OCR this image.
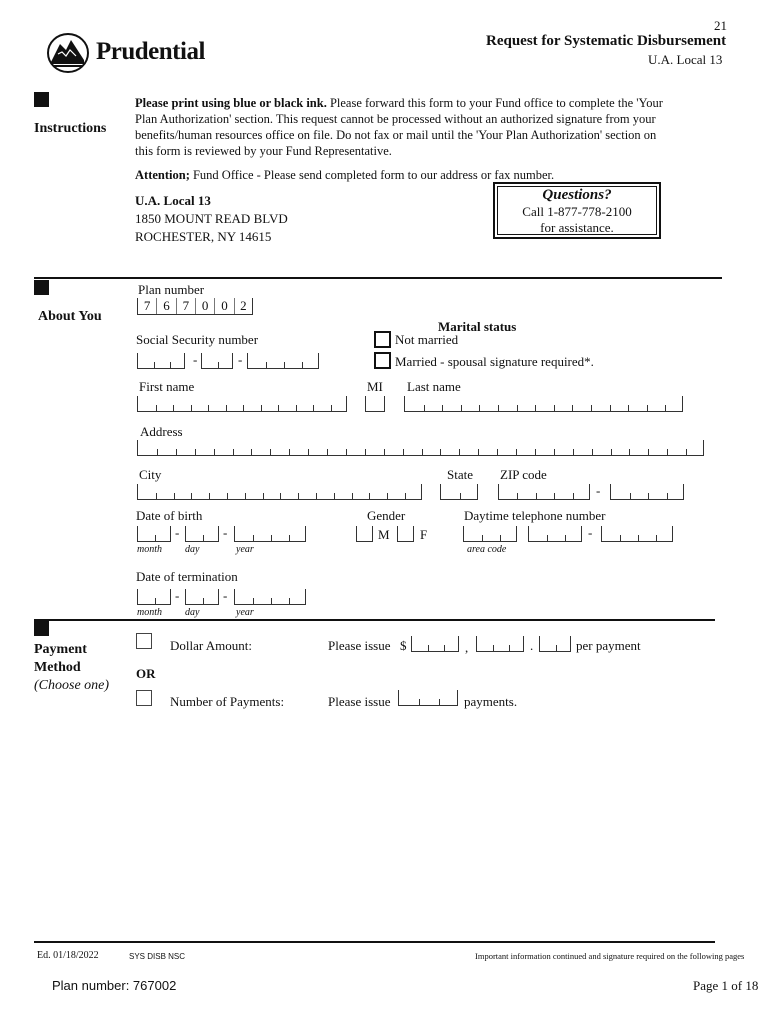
21
Request for Systematic Disbursement
U.A. Local 13
Prudential
Instructions
Please print using blue or black ink. Please forward this form to your Fund office to complete the 'Your
Plan Authorization' section. This request cannot be processed without an authorized signature from your
benefits/human resources office on file. Do not fax or mail until the 'Your Plan Authorization' section on
this form is reviewed by your Fund Representative.
Attention; Fund Office - Please send completed form to our address or fax number.
U.A. Local 13
1850 MOUNT READ BLVD
ROCHESTER, NY 14615
Questions?
Call 1-877-778-2100
for assistance.
About You
Plan number
7 6 7 0 0 2
Social Security number
Marital status
Not married
Married - spousal signature required*.
-	-
First name	MI Last name
Address
City	State ZIP code
-
Date of birth	Gender	Daytime telephone number
-	-
month day	year
M F	-
area code
Date of termination
-	-
month day	year
Payment
Method
(Choose one)
Dollar Amount:	Please issue $	,	.	per payment
OR
Number of Payments:	Please issue	payments.
Ed. 01/18/2022	SYS DISB NSC	Important information continued and signature required on the following pages
Plan number: 767002	Page 1 of 18
